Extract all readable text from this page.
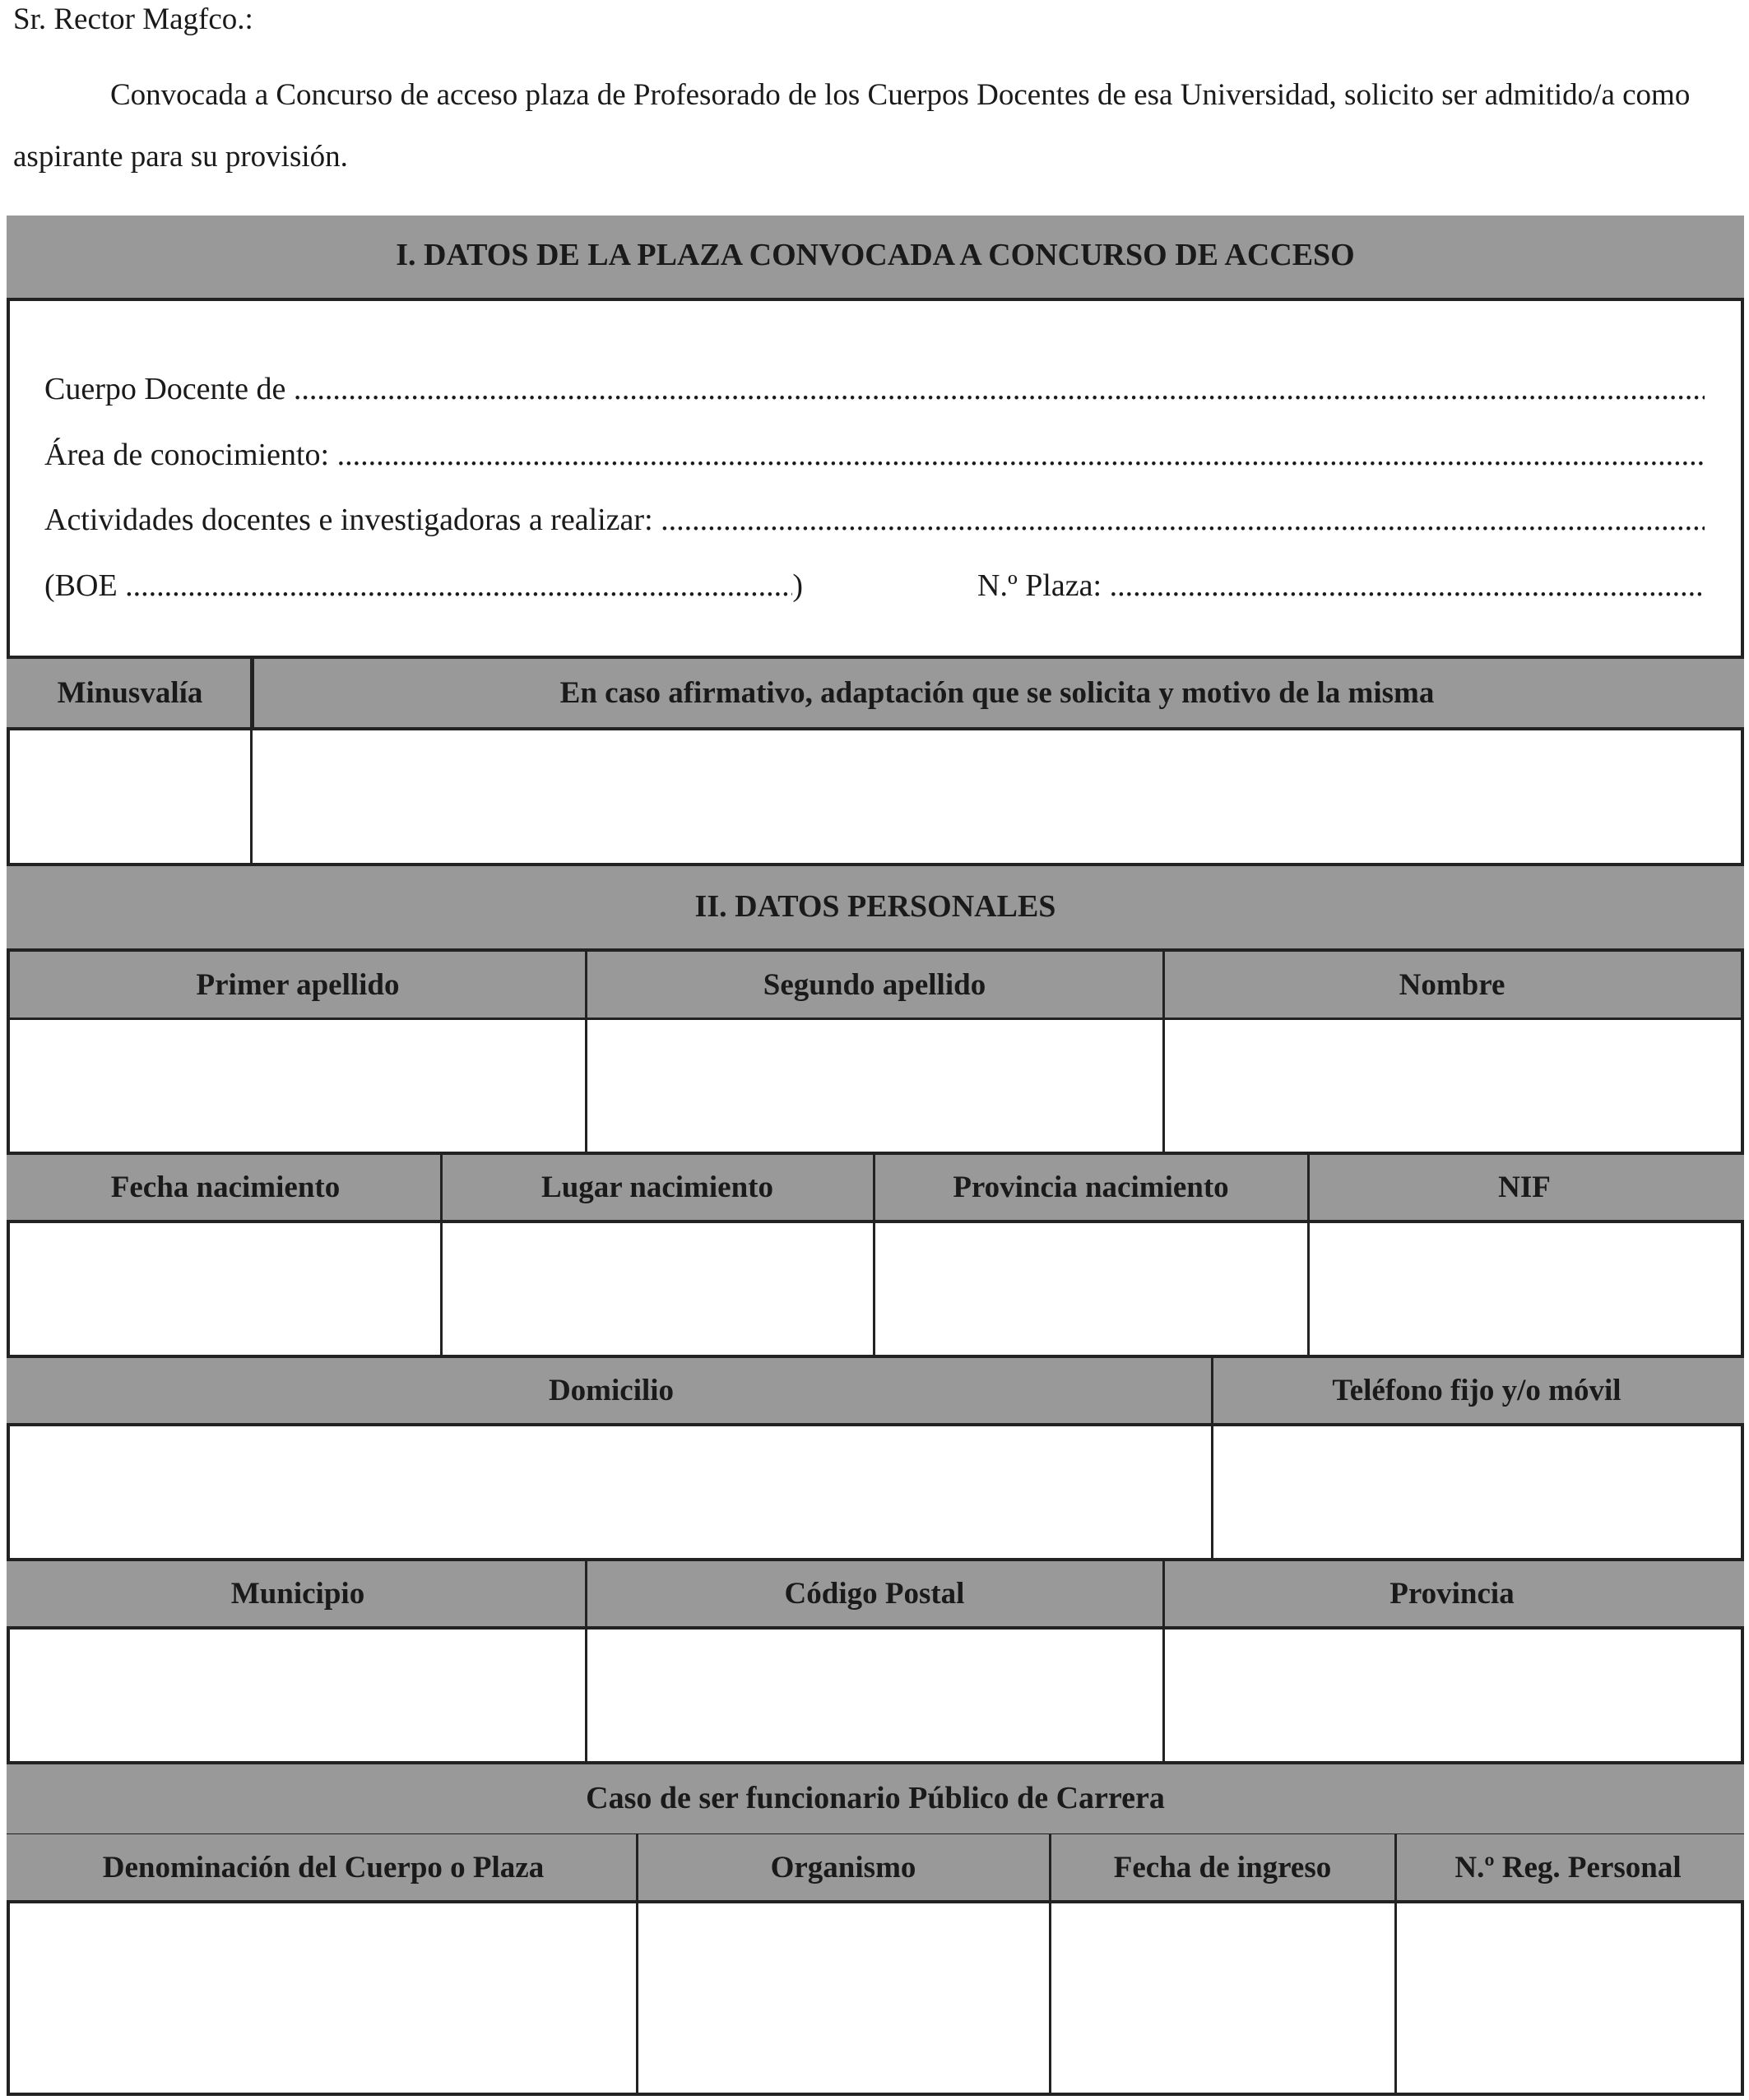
Sr. Rector Magfco.:

Convocada a Concurso de acceso plaza de Profesorado de los Cuerpos Docentes de esa Universidad, solicito ser admitido/a como aspirante para su provisión.

I. DATOS DE LA PLAZA CONVOCADA A CONCURSO DE ACCESO
Cuerpo Docente de

.....
Área de conocimiento:

.....
Actividades docentes e investigadoras a realizar:

.....
(BOE

.....	)	N.º Plaza:

.....
Minusvalía	En caso afirmativo, adaptación que se solicita y motivo de la misma
II. DATOS PERSONALES
Primer apellido	Segundo apellido	Nombre
Fecha nacimiento	Lugar nacimiento	Provincia nacimiento	NIF
Domicilio	Teléfono fijo y/o móvil
Municipio	Código Postal	Provincia
Caso de ser funcionario Público de Carrera
Denominación del Cuerpo o Plaza	Organismo	Fecha de ingreso	N.º Reg. Personal
